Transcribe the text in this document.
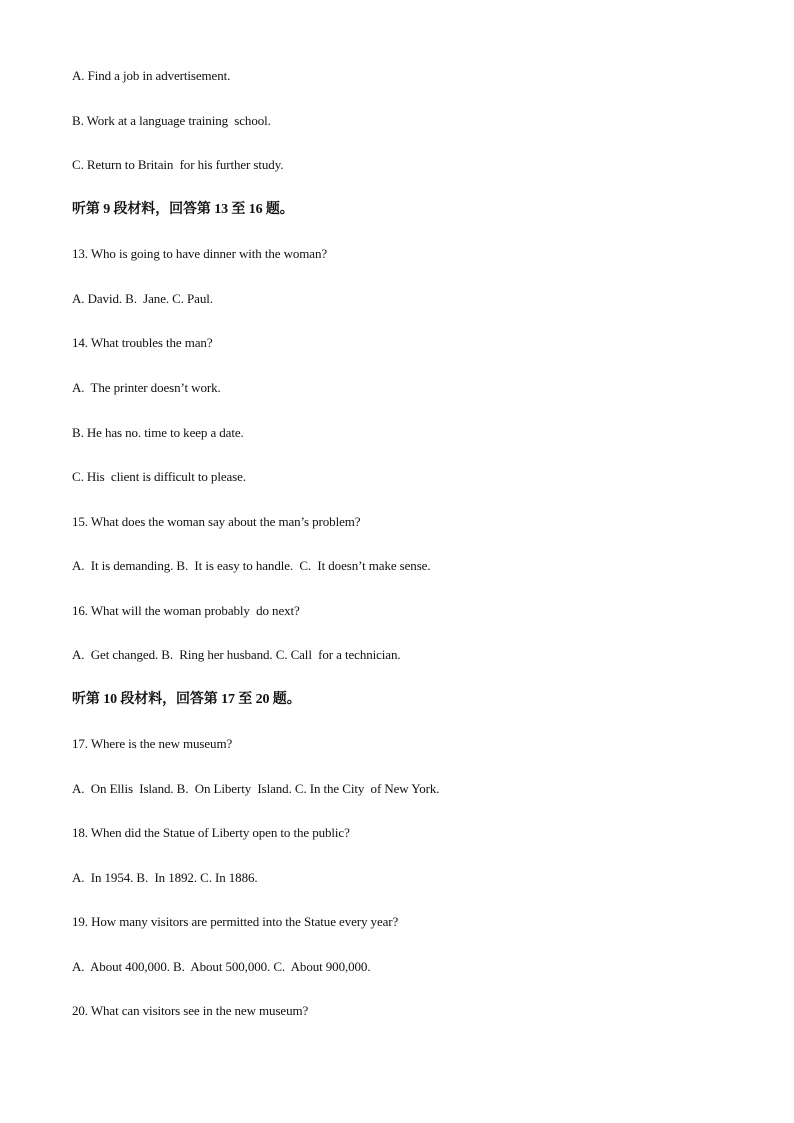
A. Find a job in advertisement.
B. Work at a language training  school.
C. Return to Britain  for his further study.
听第 9 段材料，回答第 13 至 16 题。
13. Who is going to have dinner with the woman?
A. David. B.  Jane. C. Paul.
14. What troubles the man?
A.  The printer doesn’t work.
B. He has no. time to keep a date.
C. His  client is difficult to please.
15. What does the woman say about the man’s problem?
A.  It is demanding. B.  It is easy to handle.  C.  It doesn’t make sense.
16. What will the woman probably  do next?
A.  Get changed. B.  Ring her husband. C. Call  for a technician.
听第 10 段材料，回答第 17 至 20 题。
17. Where is the new museum?
A.  On Ellis  Island. B.  On Liberty  Island. C. In the City  of New York.
18. When did the Statue of Liberty open to the public?
A.  In 1954. B.  In 1892. C. In 1886.
19. How many visitors are permitted into the Statue every year?
A.  About 400,000. B.  About 500,000. C.  About 900,000.
20. What can visitors see in the new museum?
